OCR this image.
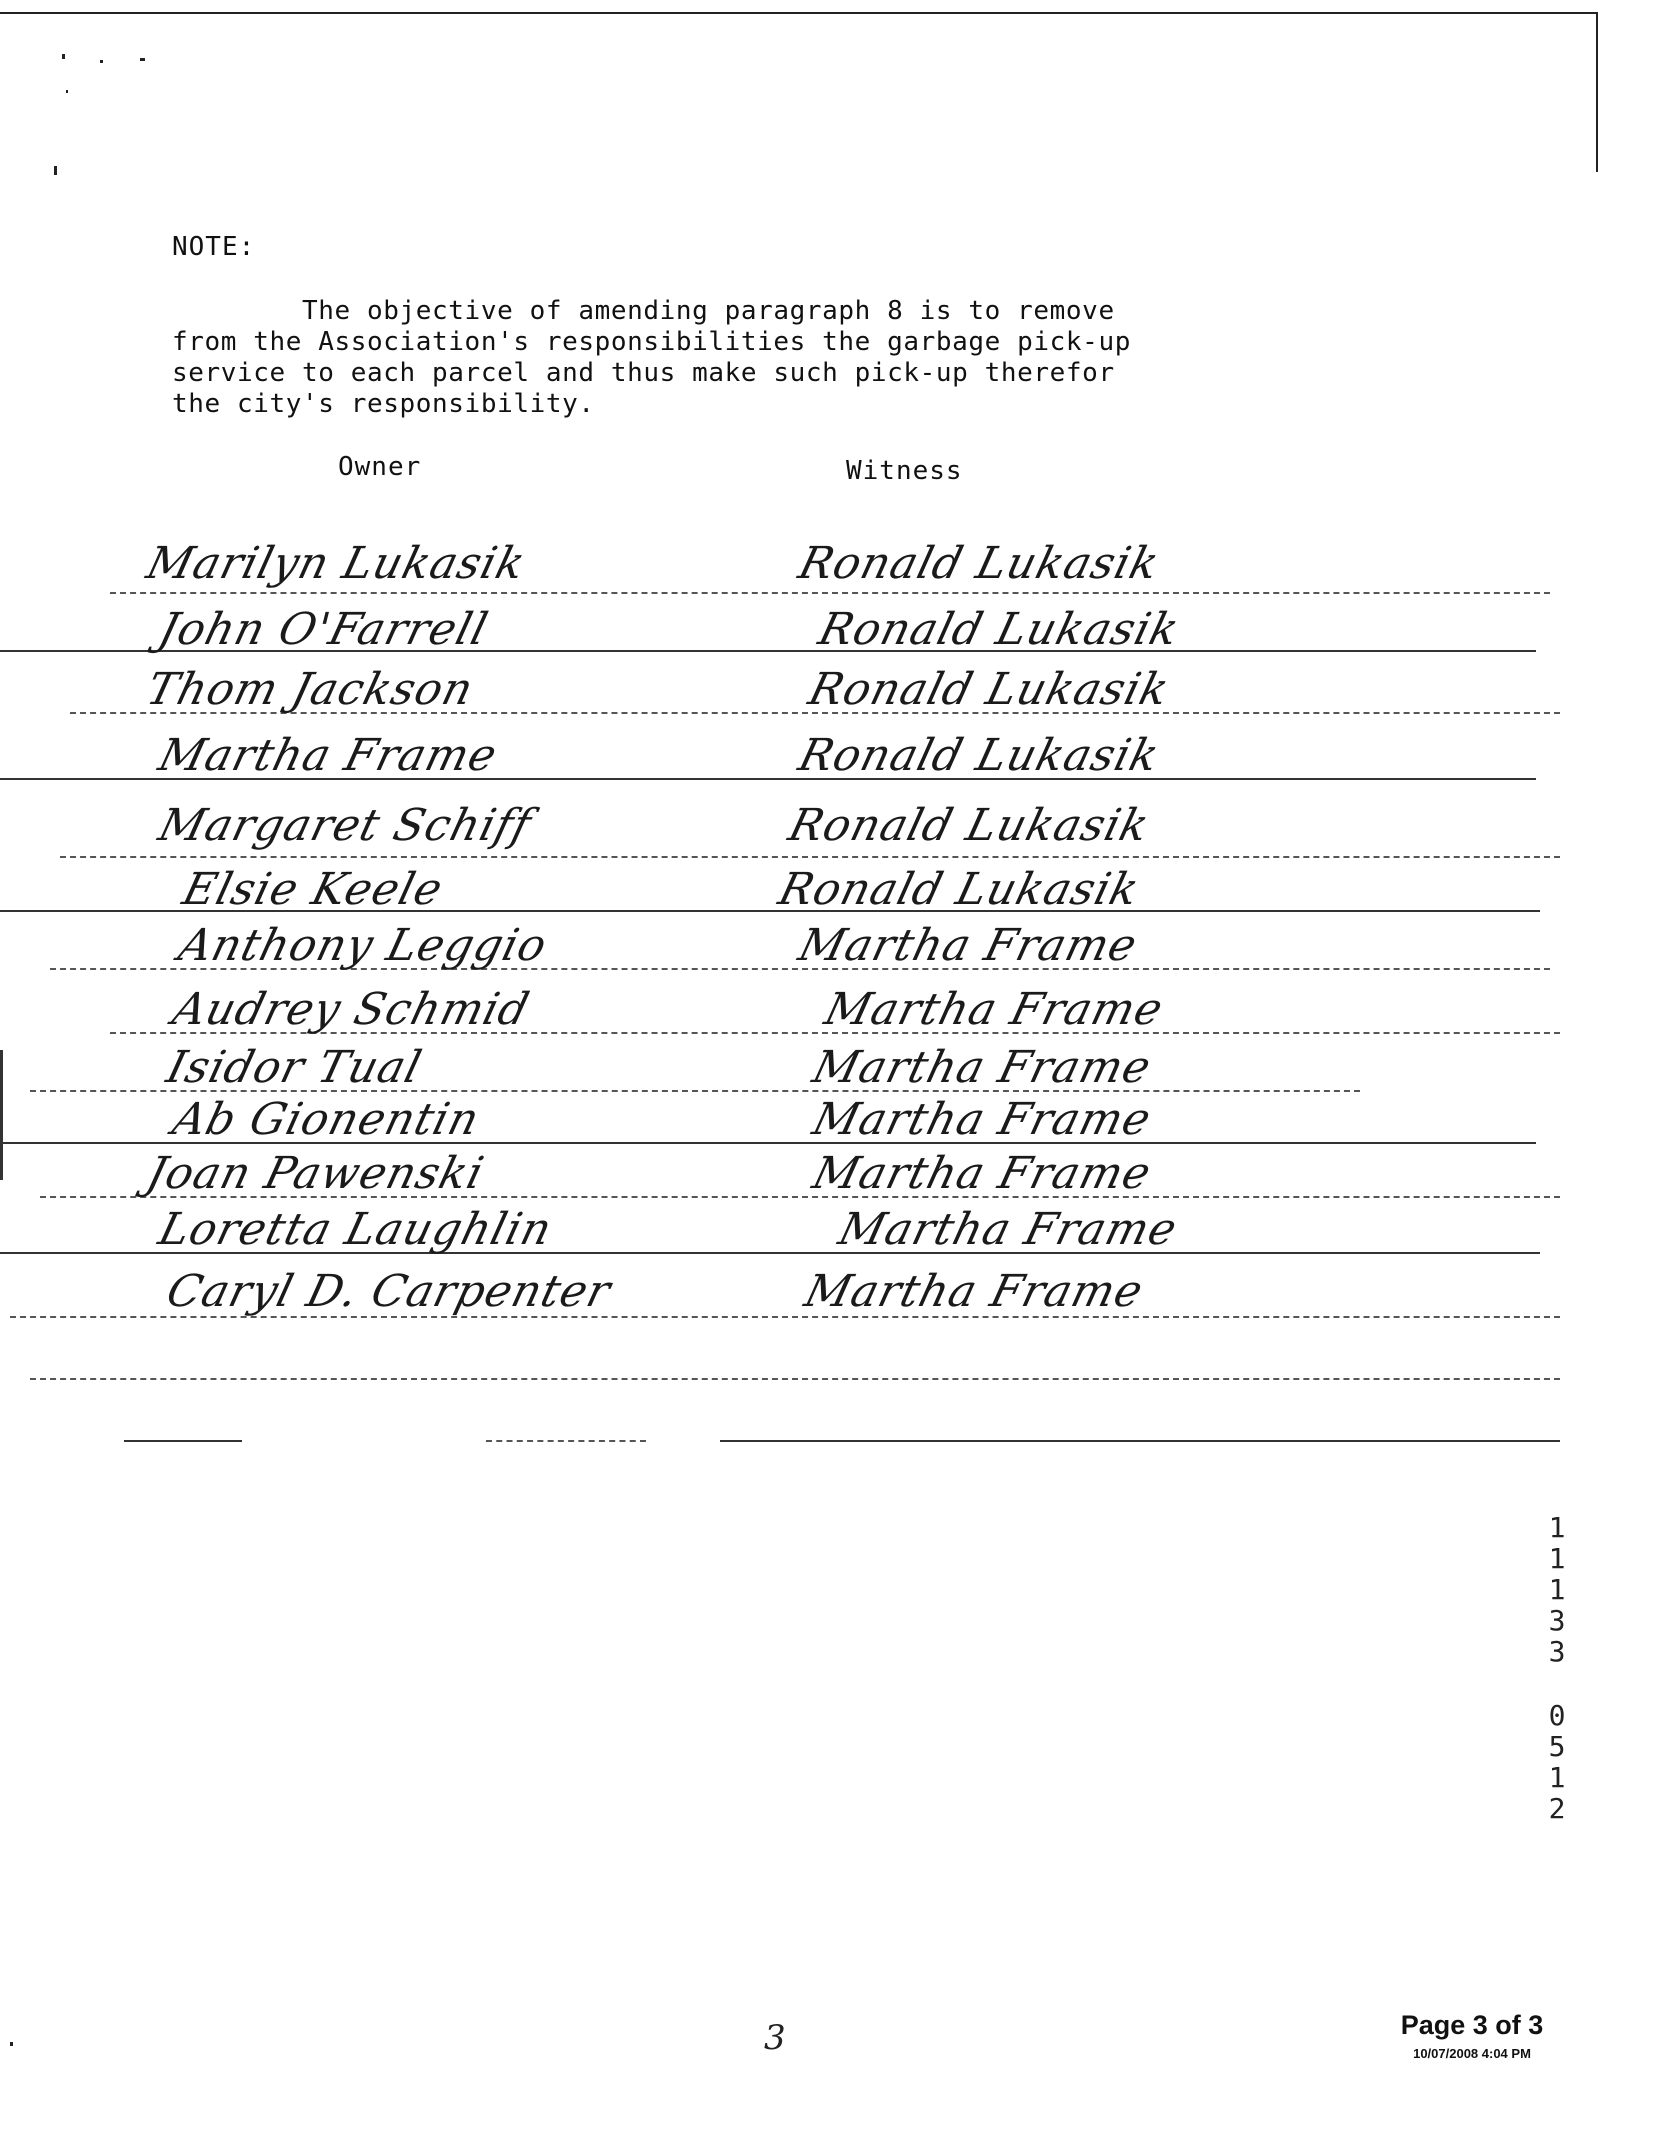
NOTE:
The objective of amending paragraph 8 is to remove
from the Association's responsibilities the garbage pick-up
service to each parcel and thus make such pick-up therefor
the city's responsibility.
Owner	Witness
Marilyn Lukasik	Ronald Lukasik
John O'Farrell	Ronald Lukasik
Thom Jackson	Ronald Lukasik
Martha Frame	Ronald Lukasik
Margaret Schiff	Ronald Lukasik
Elsie Keele	Ronald Lukasik
Anthony Leggio	Martha Frame
Audrey Schmid	Martha Frame
Isidor Tual	Martha Frame
Ab Gionentin	Martha Frame
Joan Pawenski	Martha Frame
Loretta Laughlin	Martha Frame
Caryl D. Carpenter	Martha Frame
1
1
1
3
3
0
5
1
2
3	Page 3 of 3
10/07/2008 4:04 PM
